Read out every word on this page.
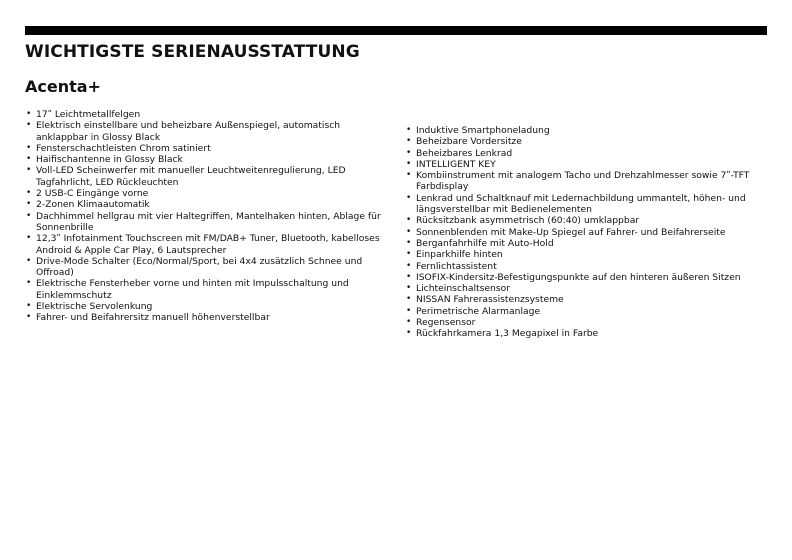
WICHTIGSTE SERIENAUSSTATTUNG
Acenta+
• 17ʺ Leichtmetallfelgen
• Elektrisch einstellbare und beheizbare Außenspiegel, automatisch anklappbar in Glossy Black
• Fensterschachtleisten Chrom satiniert
• Haifischantenne in Glossy Black
• Voll-LED Scheinwerfer mit manueller Leuchtweitenregulierung, LED Tagfahrlicht, LED Rückleuchten
• 2 USB-C Eingänge vorne
• 2-Zonen Klimaautomatik
• Dachhimmel hellgrau mit vier Haltegriffen, Mantelhaken hinten, Ablage für Sonnenbrille
• 12,3ʺ Infotainment Touchscreen mit FM/DAB+ Tuner, Bluetooth, kabelloses Android & Apple Car Play, 6 Lautsprecher
• Drive-Mode Schalter (Eco/Normal/Sport, bei 4x4 zusätzlich Schnee und Offroad)
• Elektrische Fensterheber vorne und hinten mit Impulsschaltung und Einklemmschutz
• Elektrische Servolenkung
• Fahrer- und Beifahrersitz manuell höhenverstellbar
• Induktive Smartphoneladung
• Beheizbare Vordersitze
• Beheizbares Lenkrad
• INTELLIGENT KEY
• Kombiinstrument mit analogem Tacho und Drehzahlmesser sowie 7ʺ-TFT Farbdisplay
• Lenkrad und Schaltknauf mit Ledernachbildung ummantelt, höhen- und längsverstellbar mit Bedienelementen
• Rücksitzbank asymmetrisch (60:40) umklappbar
• Sonnenblenden mit Make-Up Spiegel auf Fahrer- und Beifahrerseite
• Berganfahrhilfe mit Auto-Hold
• Einparkhilfe hinten
• Fernlichtassistent
• ISOFIX-Kindersitz-Befestigungspunkte auf den hinteren äußeren Sitzen
• Lichteinschaltsensor
• NISSAN Fahrerassistenzsysteme
• Perimetrische Alarmanlage
• Regensensor
• Rückfahrkamera 1,3 Megapixel in Farbe
